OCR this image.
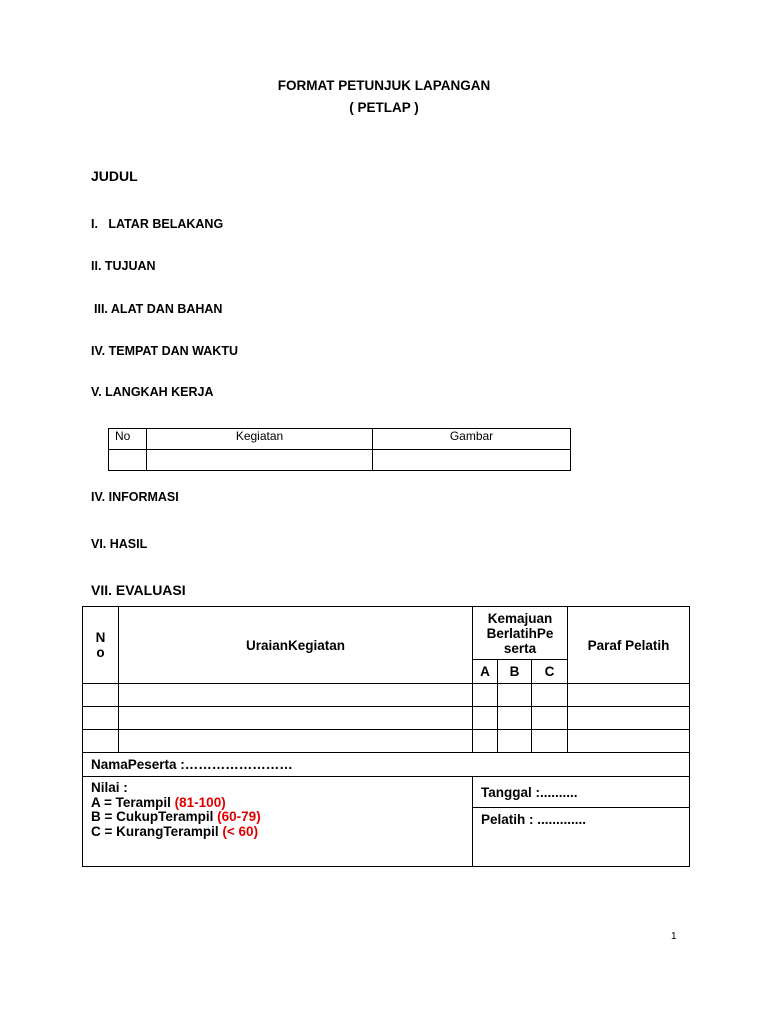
FORMAT PETUNJUK LAPANGAN
( PETLAP )
JUDUL
I.   LATAR BELAKANG
II. TUJUAN
III. ALAT DAN BAHAN
IV. TEMPAT DAN WAKTU
V. LANGKAH KERJA
No	Kegiatan	Gambar

IV. INFORMASI
VI. HASIL
VII. EVALUASI
N
o	UraianKegiatan	Kemajuan BerlatihPe serta			Paraf Pelatih
		A	B	C	

NamaPeserta :……………………					

Nilai :
A = Terampil (81-100)
B = CukupTerampil (60-79)
C = KurangTerampil (< 60)		Tanggal :..........			
		Pelatih : .............			
1
